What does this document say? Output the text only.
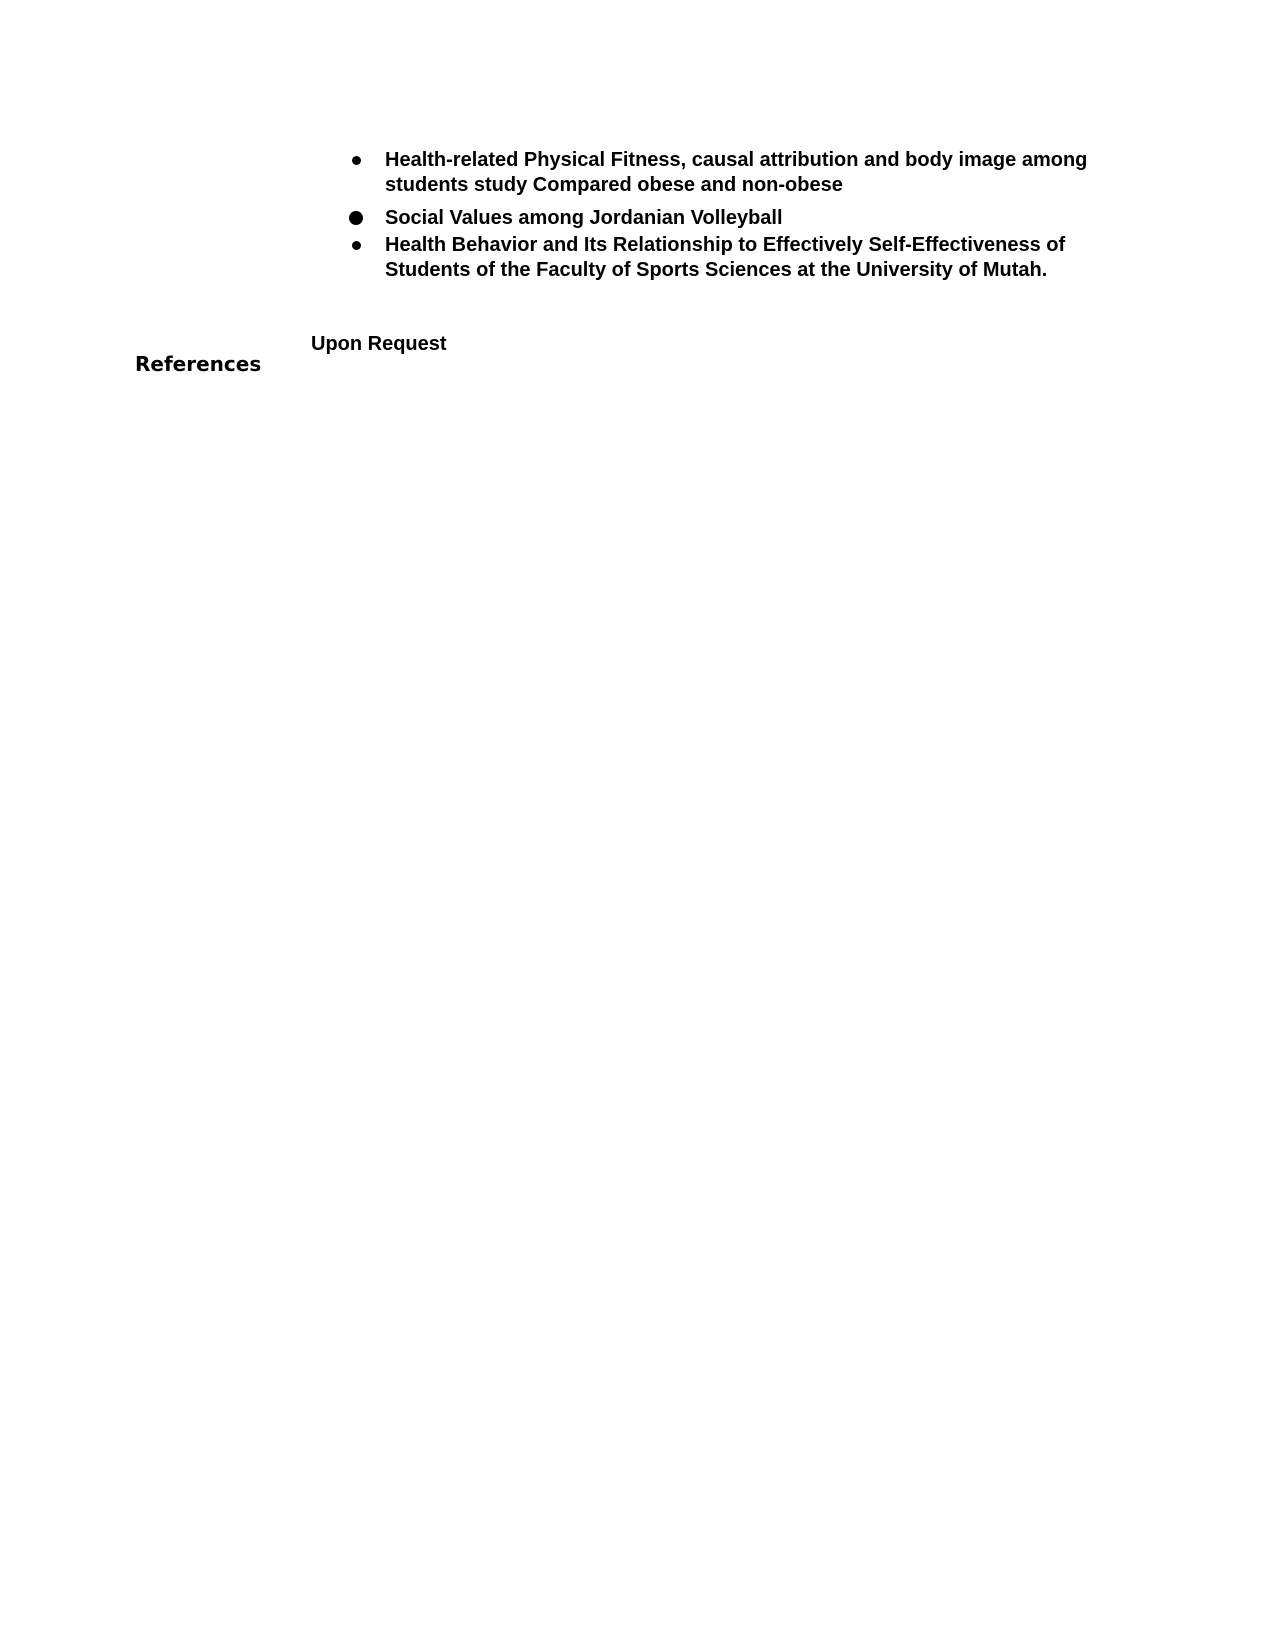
Health-related Physical Fitness, causal attribution and body image among students study Compared obese and non-obese
Social Values among Jordanian Volleyball
Health Behavior and Its Relationship to Effectively Self-Effectiveness of Students of the Faculty of Sports Sciences at the University of Mutah.
Upon Request
References
